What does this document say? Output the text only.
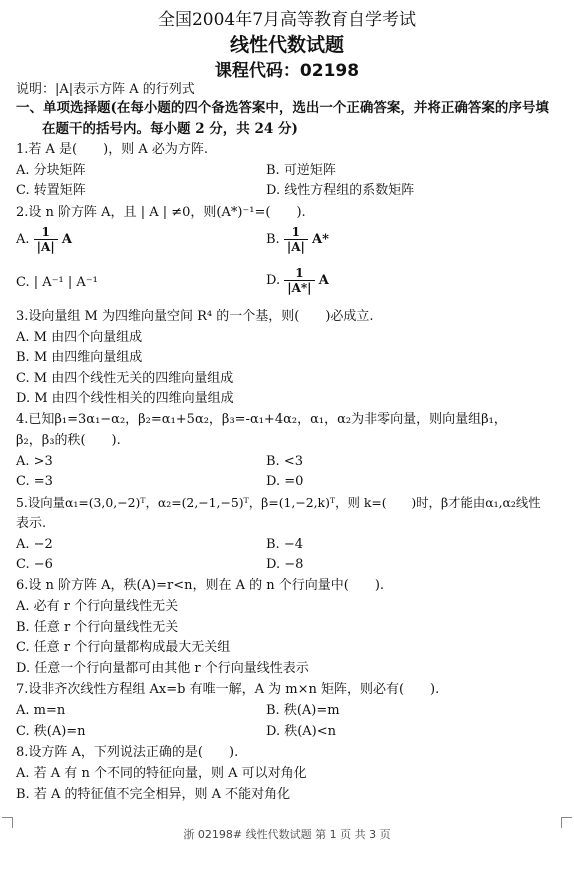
全国2004年7月高等教育自学考试
线性代数试题
课程代码：02198
说明：|A|表示方阵 A 的行列式
一、单项选择题(在每小题的四个备选答案中，选出一个正确答案，并将正确答案的序号填
在题干的括号内。每小题 2 分，共 24 分)
1.若 A 是(　　)，则 A 必为方阵.
A. 分块矩阵	B. 可逆矩阵
C. 转置矩阵	D. 线性方程组的系数矩阵
2.设 n 阶方阵 A，且 | A | ≠0，则(A*)⁻¹=(　　).
A. $\frac{1}{|A|}$ A	B. $\frac{1}{|A|} A*$
C. | A⁻¹ | A⁻¹	D. $\frac{1}{|A*|}$ A
3.设向量组 M 为四维向量空间 R⁴ 的一个基，则(　　)必成立.
A. M 由四个向量组成
B. M 由四维向量组成
C. M 由四个线性无关的四维向量组成
D. M 由四个线性相关的四维向量组成
4.已知β₁=3α₁−α₂，β₂=α₁+5α₂，β₃=-α₁+4α₂，α₁，α₂为非零向量，则向量组β₁，
β₂，β₃的秩(　　).
A. >3	B. <3
C. =3	D. =0
5.设向量α₁=(3,0,−2)ᵀ，α₂=(2,−1,−5)ᵀ，β=(1,−2,k)ᵀ，则 k=(　　)时，β才能由α₁,α₂线性
表示.
A. −2	B. −4
C. −6	D. −8
6.设 n 阶方阵 A，秩(A)=r<n，则在 A 的 n 个行向量中(　　).
A. 必有 r 个行向量线性无关
B. 任意 r 个行向量线性无关
C. 任意 r 个行向量都构成最大无关组
D. 任意一个行向量都可由其他 r 个行向量线性表示
7.设非齐次线性方程组 Ax=b 有唯一解，A 为 m×n 矩阵，则必有(　　).
A. m=n	B. 秩(A)=m
C. 秩(A)=n	D. 秩(A)<n
8.设方阵 A，下列说法正确的是(　　).
A. 若 A 有 n 个不同的特征向量，则 A 可以对角化
B. 若 A 的特征值不完全相异，则 A 不能对角化
浙 02198# 线性代数试题 第 1 页 共 3 页
